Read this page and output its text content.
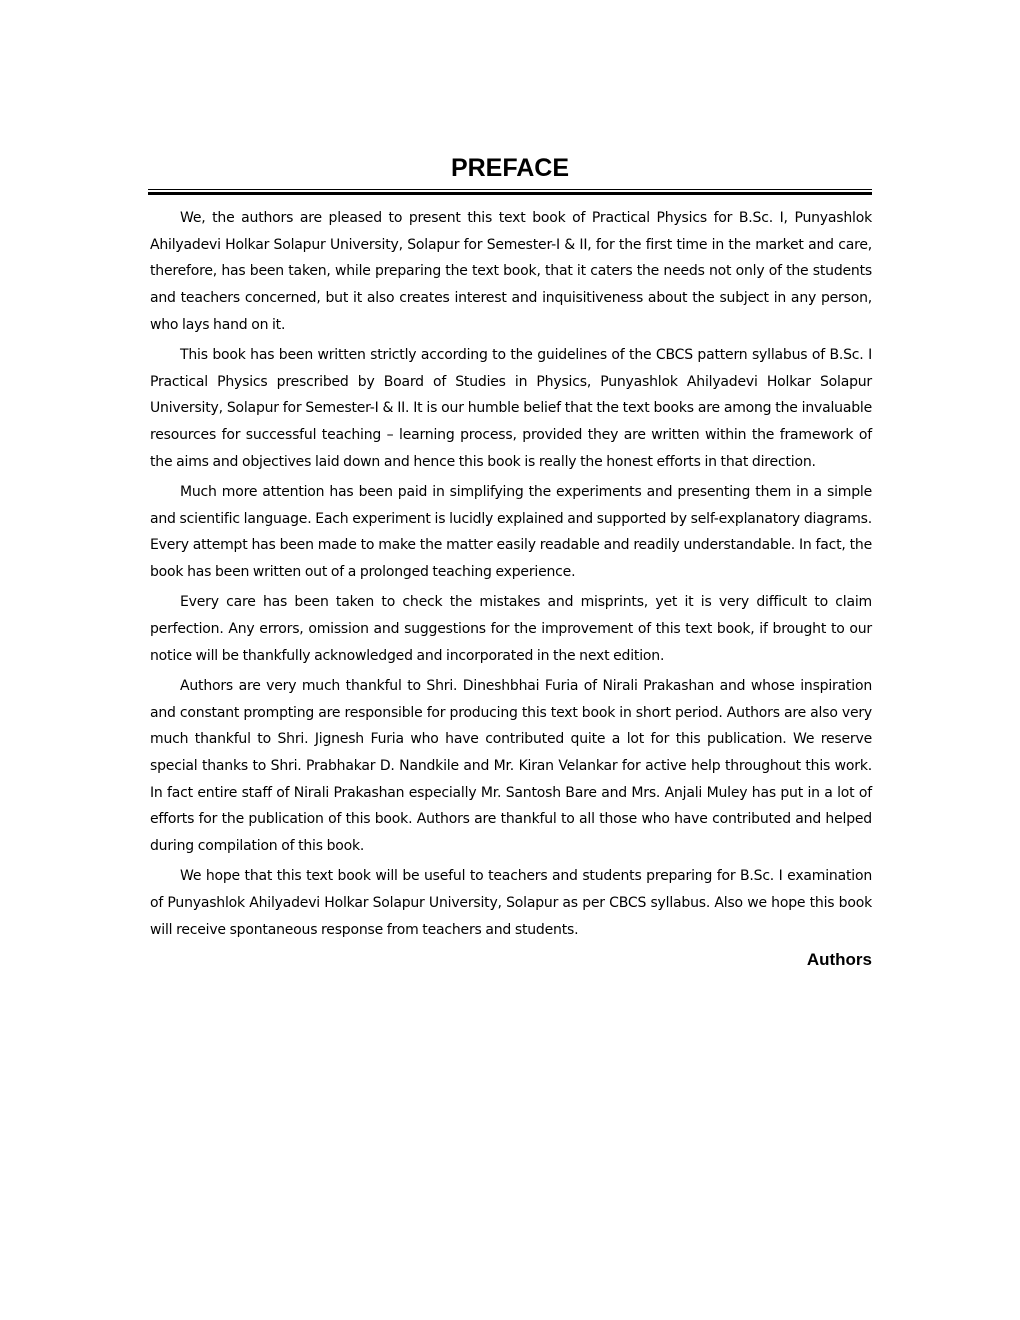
PREFACE

We, the authors are pleased to present this text book of Practical Physics for B.Sc. I, Punyashlok Ahilyadevi Holkar Solapur University, Solapur for Semester-I & II, for the first time in the market and care, therefore, has been taken, while preparing the text book, that it caters the needs not only of the students and teachers concerned, but it also creates interest and inquisitiveness about the subject in any person, who lays hand on it.

This book has been written strictly according to the guidelines of the CBCS pattern syllabus of B.Sc. I Practical Physics prescribed by Board of Studies in Physics, Punyashlok Ahilyadevi Holkar Solapur University, Solapur for Semester-I & II. It is our humble belief that the text books are among the invaluable resources for successful teaching – learning process, provided they are written within the framework of the aims and objectives laid down and hence this book is really the honest efforts in that direction.

Much more attention has been paid in simplifying the experiments and presenting them in a simple and scientific language. Each experiment is lucidly explained and supported by self-explanatory diagrams. Every attempt has been made to make the matter easily readable and readily understandable. In fact, the book has been written out of a prolonged teaching experience.

Every care has been taken to check the mistakes and misprints, yet it is very difficult to claim perfection. Any errors, omission and suggestions for the improvement of this text book, if brought to our notice will be thankfully acknowledged and incorporated in the next edition.

Authors are very much thankful to Shri. Dineshbhai Furia of Nirali Prakashan and whose inspiration and constant prompting are responsible for producing this text book in short period. Authors are also very much thankful to Shri. Jignesh Furia who have contributed quite a lot for this publication. We reserve special thanks to Shri. Prabhakar D. Nandkile and Mr. Kiran Velankar for active help throughout this work. In fact entire staff of Nirali Prakashan especially Mr. Santosh Bare and Mrs. Anjali Muley has put in a lot of efforts for the publication of this book. Authors are thankful to all those who have contributed and helped during compilation of this book.

We hope that this text book will be useful to teachers and students preparing for B.Sc. I examination of Punyashlok Ahilyadevi Holkar Solapur University, Solapur as per CBCS syllabus. Also we hope this book will receive spontaneous response from teachers and students.

Authors
